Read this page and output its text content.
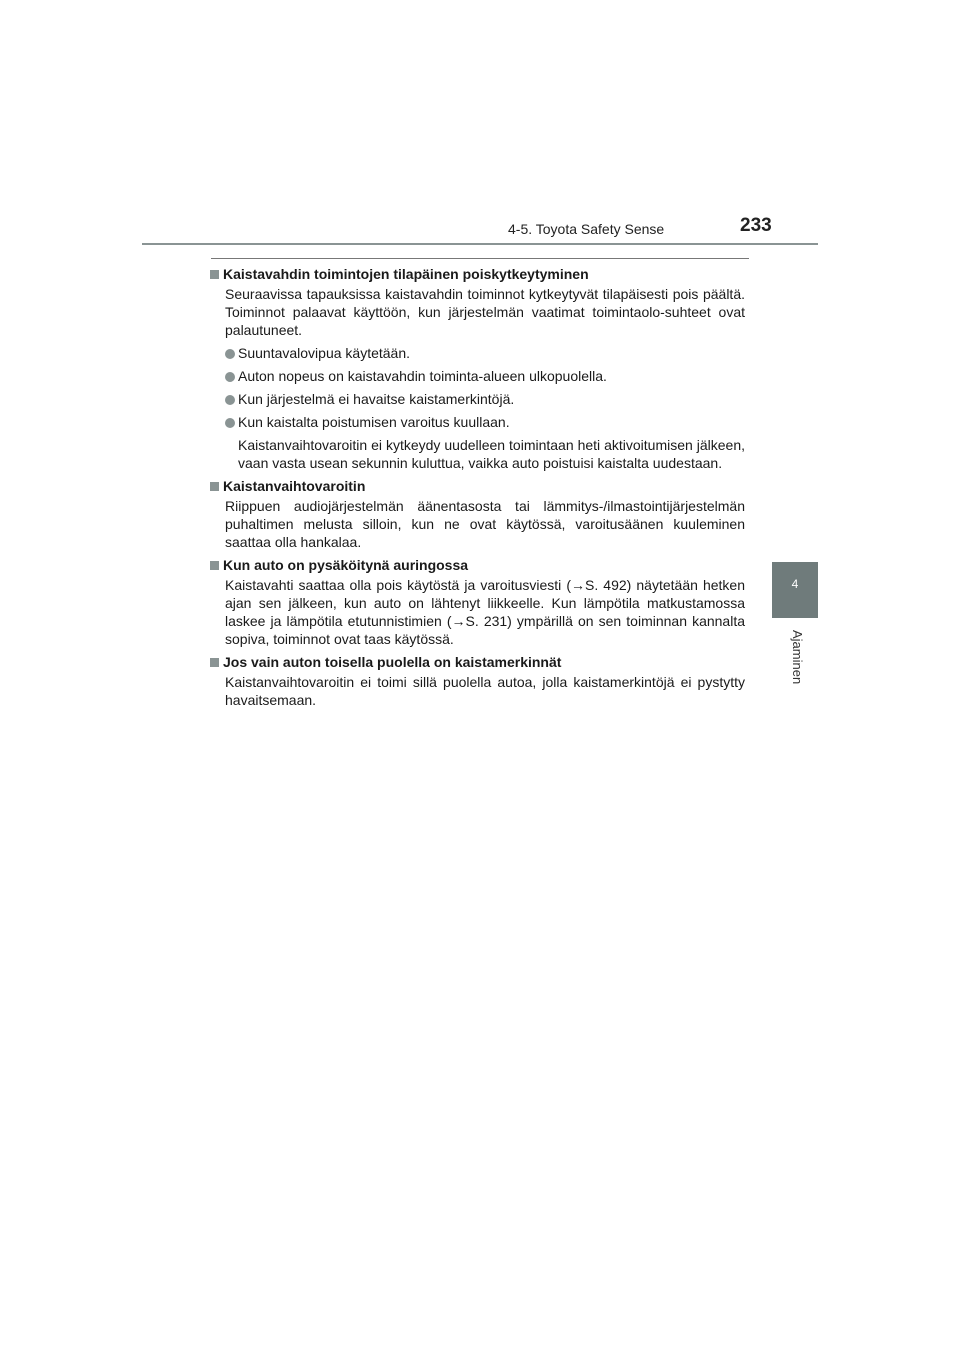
4-5. Toyota Safety Sense	233
4
Ajaminen
Kaistavahdin toimintojen tilapäinen poiskytkeytyminen
Seuraavissa tapauksissa kaistavahdin toiminnot kytkeytyvät tilapäisesti pois päältä. Toiminnot palaavat käyttöön, kun järjestelmän vaatimat toimintaolo-suhteet ovat palautuneet.
Suuntavalovipua käytetään.
Auton nopeus on kaistavahdin toiminta-alueen ulkopuolella.
Kun järjestelmä ei havaitse kaistamerkintöjä.
Kun kaistalta poistumisen varoitus kuullaan.
Kaistanvaihtovaroitin ei kytkeydy uudelleen toimintaan heti aktivoitumisen jälkeen, vaan vasta usean sekunnin kuluttua, vaikka auto poistuisi kaistalta uudestaan.
Kaistanvaihtovaroitin
Riippuen audiojärjestelmän äänentasosta tai lämmitys-/ilmastointijärjestelmän puhaltimen melusta silloin, kun ne ovat käytössä, varoitusäänen kuuleminen saattaa olla hankalaa.
Kun auto on pysäköitynä auringossa
Kaistavahti saattaa olla pois käytöstä ja varoitusviesti (→S. 492) näytetään hetken ajan sen jälkeen, kun auto on lähtenyt liikkeelle. Kun lämpötila matkustamossa laskee ja lämpötila etutunnistimien (→S. 231) ympärillä on sen toiminnan kannalta sopiva, toiminnot ovat taas käytössä.
Jos vain auton toisella puolella on kaistamerkinnät
Kaistanvaihtovaroitin ei toimi sillä puolella autoa, jolla kaistamerkintöjä ei pystytty havaitsemaan.
